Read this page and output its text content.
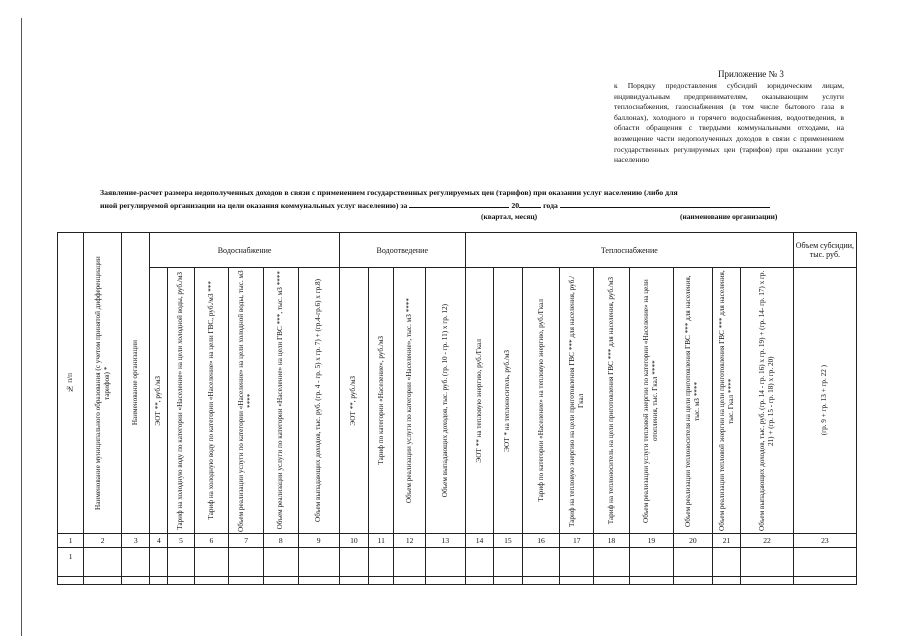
Приложение № 3
к Порядку предоставления субсидий юридическим лицам, индивидуальным предпринимателям, оказывающим услуги теплоснабжения, газоснабжения (в том числе бытового газа в баллонах), холодного и горячего водоснабжения, водоотведения, в области обращения с твердыми коммунальными отходами, на возмещение части недополученных доходов в связи с применением государственных регулируемых цен (тарифов) при оказании услуг населению
Заявление-расчет размера недополученных доходов в связи с применением государственных регулируемых цен (тарифов) при оказании услуг населению (либо для
иной регулируемой организации на цели оказания коммунальных услуг населению) за	20	года
(квартал, месяц)	(наименование организации)
№ п/п	Наименование муниципального образования (с учетом принятой дифференциации тарифов) *	Наименование организации	Водоснабжение						Водоотведение				Теплоснабжение									Объем субсидии, тыс. руб.

			ЭОТ **, руб./м3	Тариф на холодную воду по категории «Население» на цели холодной воды, руб./м3	Тариф на холодную воду по категории «Население» на цели ГВС, руб./м3 ***	Объем реализации услуги по категории «Население» на цели холодной воды, тыс. м3 ****	Объем реализации услуги по категории «Население» на цели ГВС ***, тыс. м3 ****	Объем выпадающих доходов, тыс. руб. (гр. 4 - гр. 5) х гр. 7) + (гр.4-гр.6) х гр.8)	ЭОТ **, руб./м3	Тариф по категории «Население», руб./м3	Объем реализации услуги по категории «Население», тыс. м3 ****	Объем выпадающих доходов, тыс. руб. (гр. 10 - гр. 11) х гр. 12)	ЭОТ ** на тепловую энергию, руб./Гкал	ЭОТ * на теплоноситель, руб./м3	Тариф по категории «Население» на тепловую энергию, руб./Гкал	Тариф на тепловую энергию на цели приготовления ГВС *** для населения, руб./Гкал	Тариф на теплоноситель на цели приготовления ГВС *** для населения, руб./м3	Объем реализации услуги тепловой энергии по категории «Население» на цели отопления, тыс. Гкал ****	Объем реализации теплоносителя на цели приготовления ГВС *** для населения, тыс. м3 ****	Объем реализации тепловой энергии на цели приготовления ГВС *** для населения, тыс. Гкал ****	Объем выпадающих доходов, тыс. руб. (гр. 14 - гр. 16) х гр. 19) + (гр. 14- гр. 17) х гр. 21) + (гр. 15 - гр. 18) х гр. 20)	(гр. 9 + гр. 13 + гр. 22 )

1	2	3	4	5	6	7	8	9	10	11	12	13	14	15	16	17	18	19	20	21	22	23
1																						
